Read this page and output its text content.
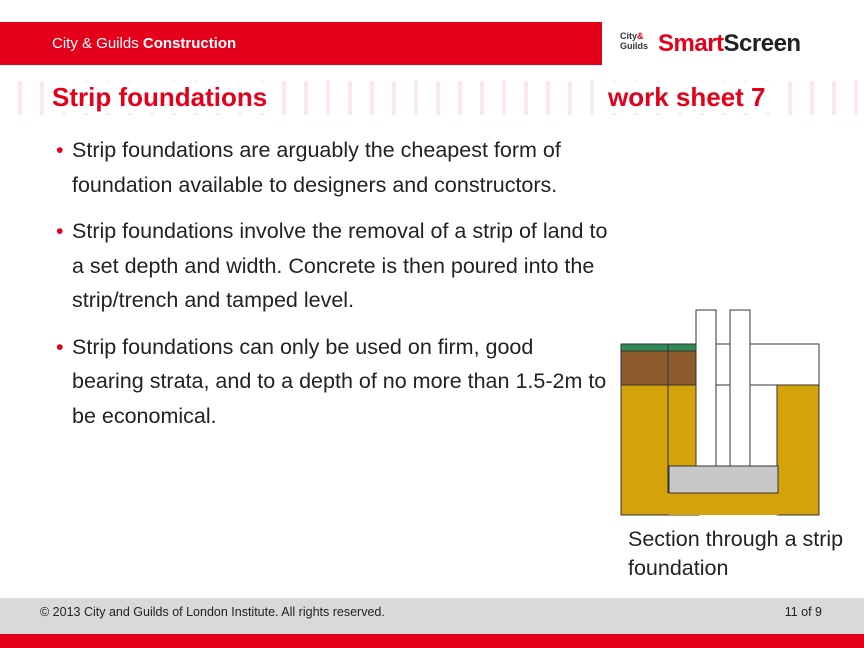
City & Guilds Construction	City&
Guilds SmartScreen
Strip foundations	work sheet 7
• Strip foundations are arguably the cheapest form of foundation available to designers and constructors.
• Strip foundations involve the removal of a strip of land to a set depth and width. Concrete is then poured into the strip/trench and tamped level.
• Strip foundations can only be used on firm, good bearing strata, and to a depth of no more than 1.5-2m to be economical.
Section through a strip foundation
© 2013 City and Guilds of London Institute. All rights reserved.	11 of 9
